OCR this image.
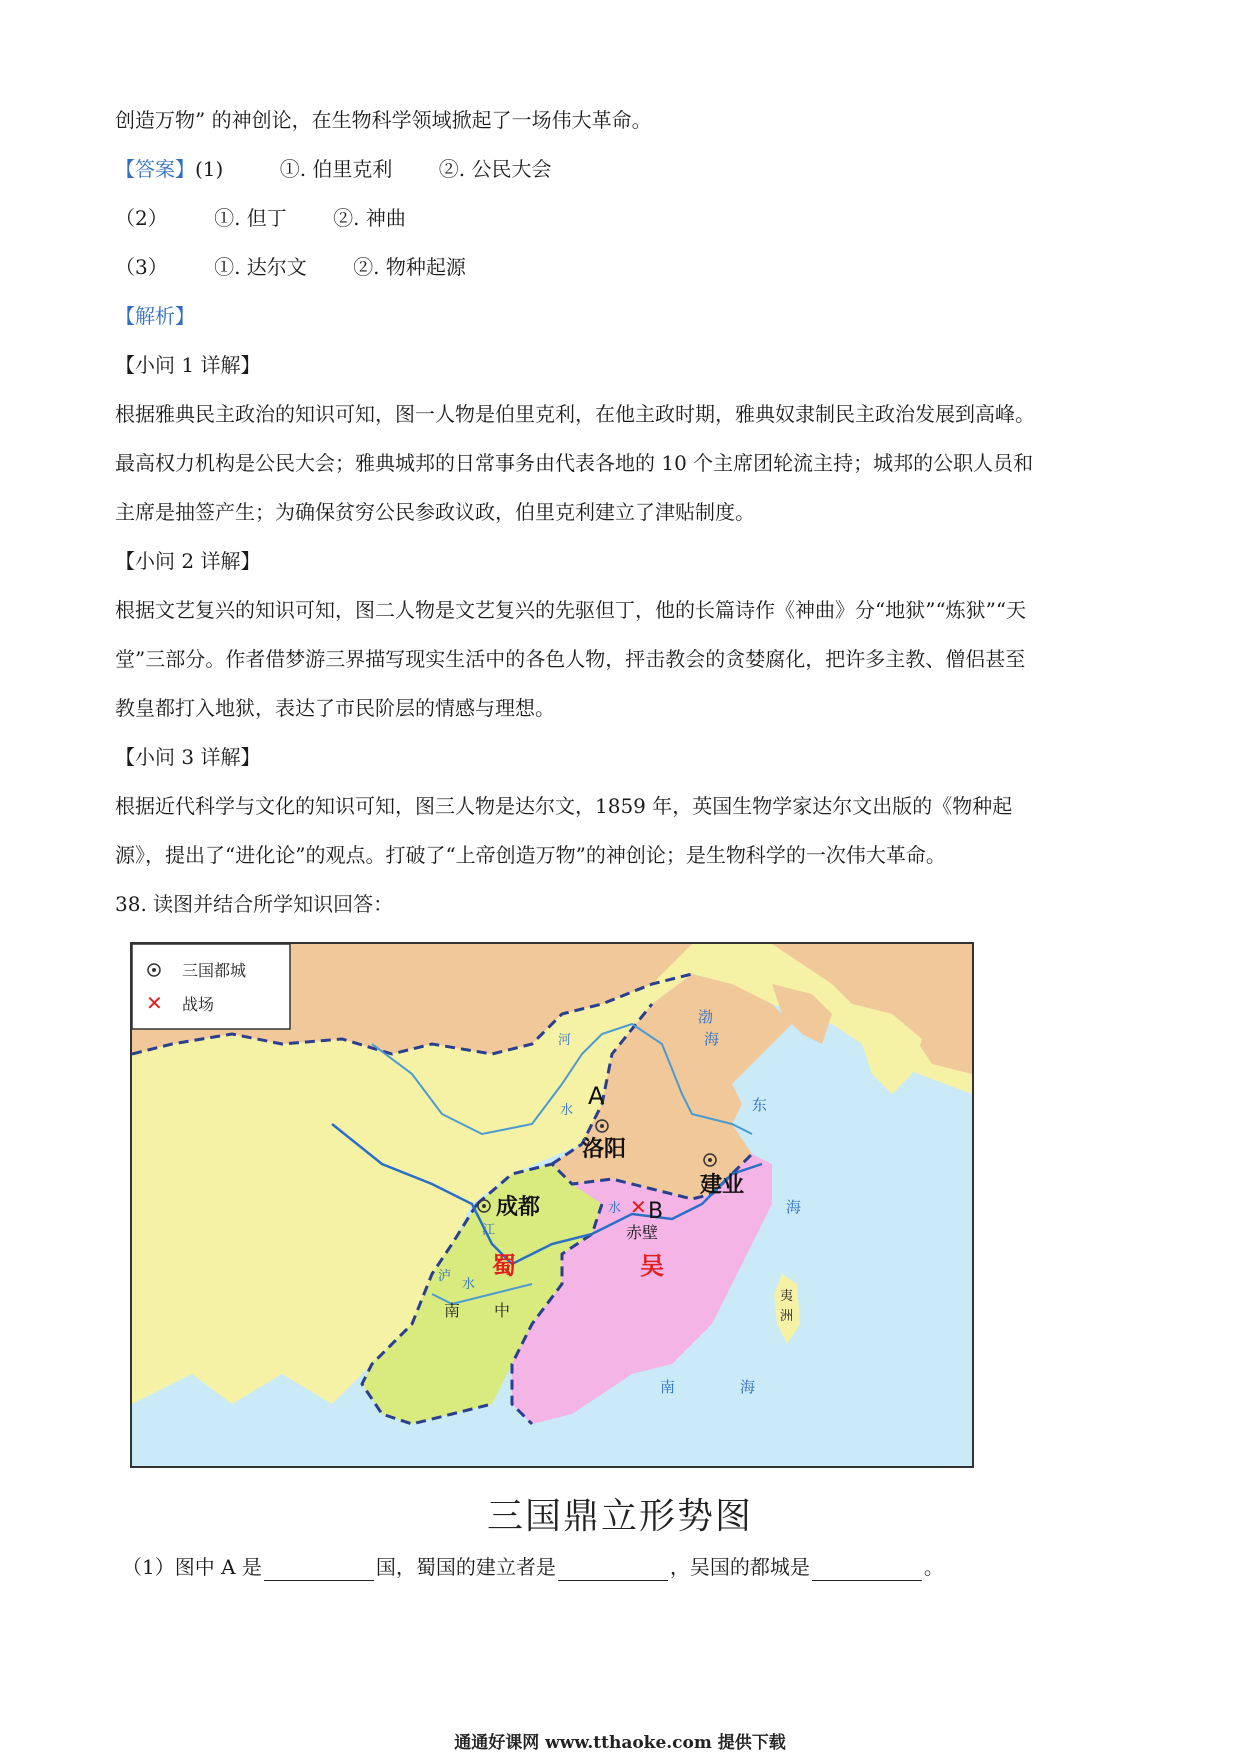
创造万物” 的神创论，在生物科学领域掀起了一场伟大革命。
【答案】(1)	①. 伯里克利 ②. 公民大会
（2） ①. 但丁 ②. 神曲
（3） ①. 达尔文 ②. 物种起源
【解析】
【小问 1 详解】
根据雅典民主政治的知识可知，图一人物是伯里克利，在他主政时期，雅典奴隶制民主政治发展到高峰。
最高权力机构是公民大会；雅典城邦的日常事务由代表各地的 10 个主席团轮流主持；城邦的公职人员和
主席是抽签产生；为确保贫穷公民参政议政，伯里克利建立了津贴制度。
【小问 2 详解】
根据文艺复兴的知识可知，图二人物是文艺复兴的先驱但丁，他的长篇诗作《神曲》分“地狱”“炼狱”“天
堂”三部分。作者借梦游三界描写现实生活中的各色人物，抨击教会的贪婪腐化，把许多主教、僧侣甚至
教皇都打入地狱，表达了市民阶层的情感与理想。
【小问 3 详解】
根据近代科学与文化的知识可知，图三人物是达尔文，1859 年，英国生物学家达尔文出版的《物种起
源》，提出了“进化论”的观点。打破了“上帝创造万物”的神创论；是生物科学的一次伟大革命。
38. 读图并结合所学知识回答：
三国都城
✕ 战场
洛阳
建业
成都
A
✕ B
赤壁
蜀	吴
南 中
渤
海
东
海
南	海
夷
洲
河
水
江
水
泸
水
三国鼎立形势图
（1）图中 A 是	国，蜀国的建立者是	，吴国的都城是	。
通通好课网 www.tthaoke.com 提供下载
